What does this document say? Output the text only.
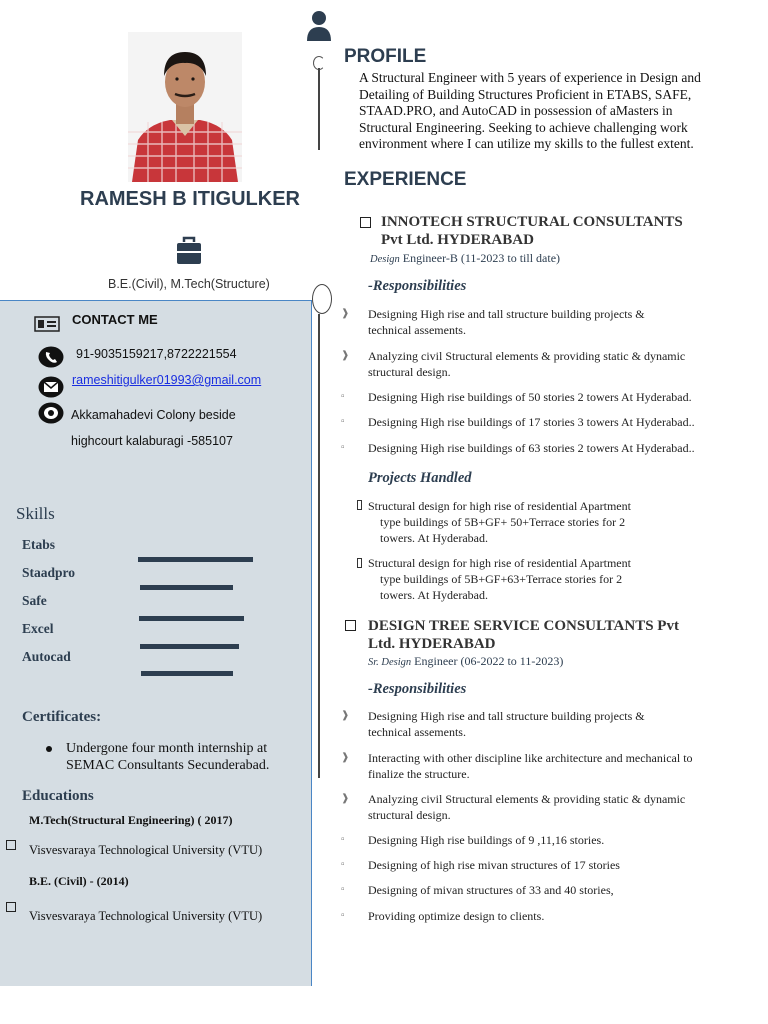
RAMESH B ITIGULKER
B.E.(Civil), M.Tech(Structure)
CONTACT ME
91-9035159217,8722221554
rameshitigulker01993@gmail.com
Akkamahadevi Colony beside
highcourt kalaburagi -585107
Skills
Etabs
Staadpro
Safe
Excel
Autocad
Certificates:
Undergone four month internship at SEMAC Consultants Secunderabad.
Educations
M.Tech(Structural Engineering) ( 2017)
Visvesvaraya Technological University (VTU)
B.E. (Civil) - (2014)
Visvesvaraya Technological University (VTU)
PROFILE
A Structural Engineer with 5 years of experience in Design and Detailing of Building Structures Proficient in ETABS, SAFE, STAAD.PRO, and AutoCAD in possession of aMasters in Structural Engineering. Seeking to achieve challenging work environment where I can utilize my skills to the fullest extent.
EXPERIENCE
INNOTECH STRUCTURAL CONSULTANTS
Pvt Ltd. HYDERABAD
Design Engineer-B (11-2023 to till date)
-Responsibilities
❱ Designing High rise and tall structure building projects & technical assements.
❱ Analyzing civil Structural elements & providing static & dynamic structural design.
▫ Designing High rise buildings of 50 stories 2 towers At Hyderabad.
▫ Designing High rise buildings of 17 stories 3 towers At Hyderabad..
▫ Designing High rise buildings of 63 stories 2 towers At Hyderabad..
Projects Handled
Structural design for high rise of residential Apartment
type buildings of 5B+GF+ 50+Terrace stories for 2
towers. At Hyderabad.
Structural design for high rise of residential Apartment
type buildings of 5B+GF+63+Terrace stories for 2
towers. At Hyderabad.
DESIGN TREE SERVICE CONSULTANTS Pvt
Ltd. HYDERABAD
Sr. Design Engineer (06-2022 to 11-2023)
-Responsibilities
❱ Designing High rise and tall structure building projects & technical assements.
❱ Interacting with other discipline like architecture and mechanical to finalize the structure.
❱ Analyzing civil Structural elements & providing static & dynamic structural design.
▫ Designing High rise buildings of 9 ,11,16 stories.
▫ Designing of high rise mivan structures of 17 stories
▫ Designing of mivan structures of 33 and 40 stories,
▫ Providing optimize design to clients.
